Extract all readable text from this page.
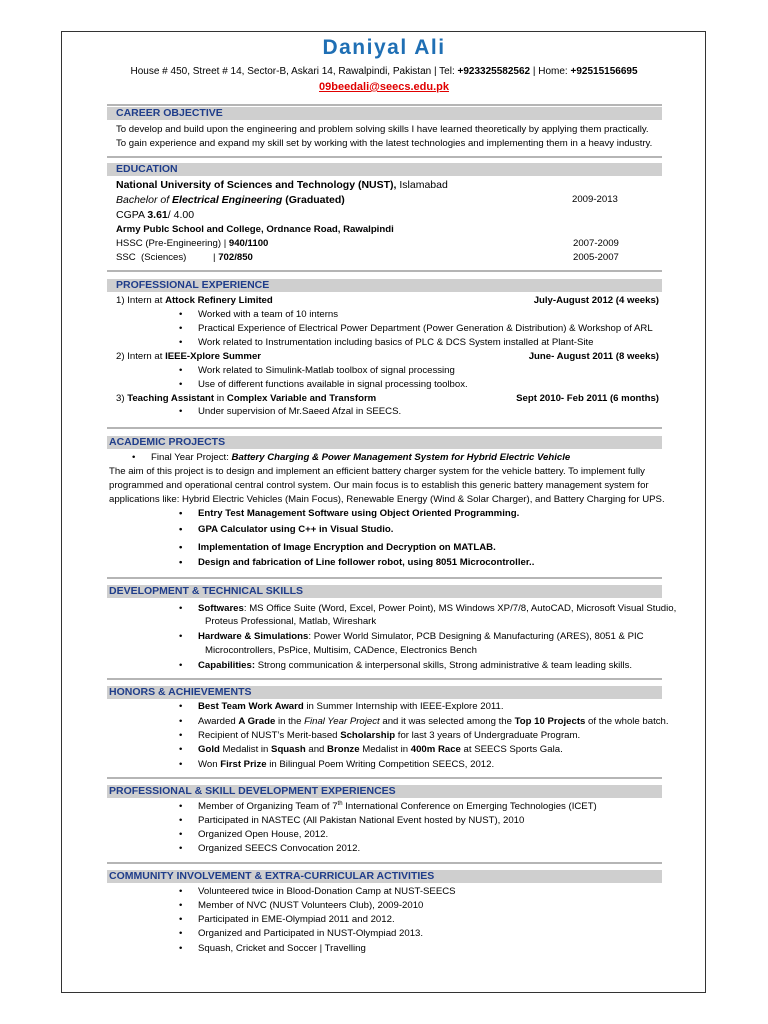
Daniyal Ali
House # 450, Street # 14, Sector-B, Askari 14, Rawalpindi, Pakistan | Tel: +923325582562 | Home: +92515156695
09beedali@seecs.edu.pk
CAREER OBJECTIVE
To develop and build upon the engineering and problem solving skills I have learned theoretically by applying them practically.
To gain experience and expand my skill set by working with the latest technologies and implementing them in a heavy industry.
EDUCATION
National University of Sciences and Technology (NUST), Islamabad
Bachelor of Electrical Engineering (Graduated)	2009-2013
CGPA 3.61/ 4.00
Army Publc School and College, Ordnance Road, Rawalpindi
HSSC (Pre-Engineering) | 940/1100	2007-2009
SSC  (Sciences)          | 702/850	2005-2007
PROFESSIONAL EXPERIENCE
1) Intern at Attock Refinery Limited	July-August 2012 (4 weeks)
• Worked with a team of 10 interns
• Practical Experience of Electrical Power Department (Power Generation & Distribution) & Workshop of ARL
• Work related to Instrumentation including basics of PLC & DCS System installed at Plant-Site
2) Intern at IEEE-Xplore Summer	June- August 2011 (8 weeks)
• Work related to Simulink-Matlab toolbox of signal processing
• Use of different functions available in signal processing toolbox.
3) Teaching Assistant in Complex Variable and Transform	Sept 2010- Feb 2011 (6 months)
• Under supervision of Mr.Saeed Afzal in SEECS.
ACADEMIC PROJECTS
• Final Year Project: Battery Charging & Power Management System for Hybrid Electric Vehicle
The aim of this project is to design and implement an efficient battery charger system for the vehicle battery. To implement fully
programmed and operational central control system. Our main focus is to establish this generic battery management system for
applications like: Hybrid Electric Vehicles (Main Focus), Renewable Energy (Wind & Solar Charger), and Battery Charging for UPS.
• Entry Test Management Software using Object Oriented Programming.
• GPA Calculator using C++ in Visual Studio.
• Implementation of Image Encryption and Decryption on MATLAB.
• Design and fabrication of Line follower robot, using 8051 Microcontroller..
DEVELOPMENT & TECHNICAL SKILLS
• Softwares: MS Office Suite (Word, Excel, Power Point), MS Windows XP/7/8, AutoCAD, Microsoft Visual Studio,
Proteus Professional, Matlab, Wireshark
• Hardware & Simulations: Power World Simulator, PCB Designing & Manufacturing (ARES), 8051 & PIC
Microcontrollers, PsPice, Multisim, CADence, Electronics Bench
• Capabilities: Strong communication & interpersonal skills, Strong administrative & team leading skills.
HONORS & ACHIEVEMENTS
• Best Team Work Award in Summer Internship with IEEE-Explore 2011.
• Awarded A Grade in the Final Year Project and it was selected among the Top 10 Projects of the whole batch.
• Recipient of NUST’s Merit-based Scholarship for last 3 years of Undergraduate Program.
• Gold Medalist in Squash and Bronze Medalist in 400m Race at SEECS Sports Gala.
• Won First Prize in Bilingual Poem Writing Competition SEECS, 2012.
PROFESSIONAL & SKILL DEVELOPMENT EXPERIENCES
• Member of Organizing Team of 7th International Conference on Emerging Technologies (ICET)
• Participated in NASTEC (All Pakistan National Event hosted by NUST), 2010
• Organized Open House, 2012.
• Organized SEECS Convocation 2012.
COMMUNITY INVOLVEMENT & EXTRA-CURRICULAR ACTIVITIES
• Volunteered twice in Blood-Donation Camp at NUST-SEECS
• Member of NVC (NUST Volunteers Club), 2009-2010
• Participated in EME-Olympiad 2011 and 2012.
• Organized and Participated in NUST-Olympiad 2013.
• Squash, Cricket and Soccer | Travelling
